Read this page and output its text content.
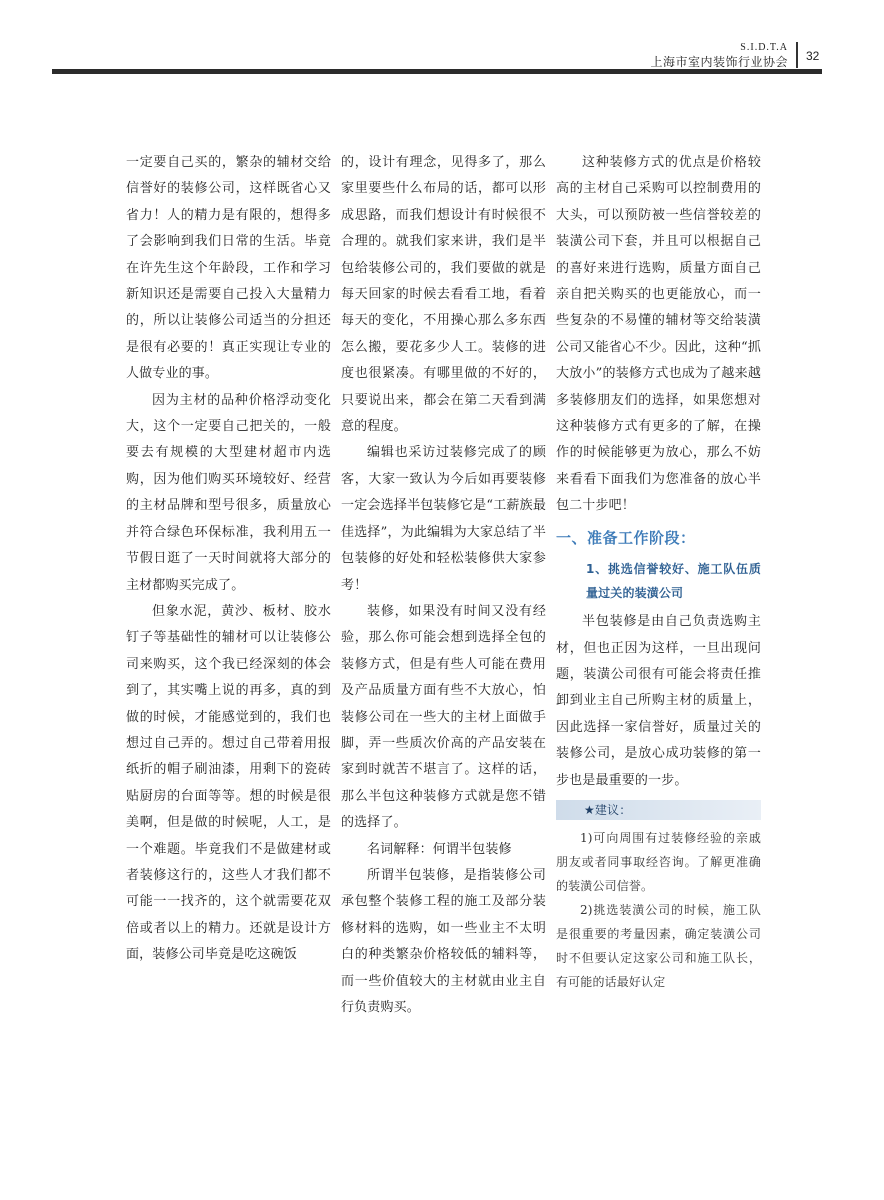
S.I.D.T.A
上海市室内装饰行业协会 32

一定要自己买的，繁杂的辅材交给信誉好的装修公司，这样既省心又省力！人的精力是有限的，想得多了会影响到我们日常的生活。毕竟在许先生这个年龄段，工作和学习新知识还是需要自己投入大量精力的，所以让装修公司适当的分担还是很有必要的！真正实现让专业的人做专业的事。

因为主材的品种价格浮动变化大，这个一定要自己把关的，一般要去有规模的大型建材超市内选购，因为他们购买环境较好、经营的主材品牌和型号很多，质量放心并符合绿色环保标准，我利用五一节假日逛了一天时间就将大部分的主材都购买完成了。

但象水泥，黄沙、板材、胶水钉子等基础性的辅材可以让装修公司来购买，这个我已经深刻的体会到了，其实嘴上说的再多，真的到做的时候，才能感觉到的，我们也想过自己弄的。想过自己带着用报纸折的帽子刷油漆，用剩下的瓷砖贴厨房的台面等等。想的时候是很美啊，但是做的时候呢，人工，是一个难题。毕竟我们不是做建材或者装修这行的，这些人才我们都不可能一一找齐的，这个就需要花双倍或者以上的精力。还就是设计方面，装修公司毕竟是吃这碗饭

的，设计有理念，见得多了，那么家里要些什么布局的话，都可以形成思路，而我们想设计有时候很不合理的。就我们家来讲，我们是半包给装修公司的，我们要做的就是每天回家的时候去看看工地，看着每天的变化，不用操心那么多东西怎么搬，要花多少人工。装修的进度也很紧凑。有哪里做的不好的，只要说出来，都会在第二天看到满意的程度。

编辑也采访过装修完成了的顾客，大家一致认为今后如再要装修一定会选择半包装修它是“工薪族最佳选择”，为此编辑为大家总结了半包装修的好处和轻松装修供大家参考！

装修，如果没有时间又没有经验，那么你可能会想到选择全包的装修方式，但是有些人可能在费用及产品质量方面有些不大放心，怕装修公司在一些大的主材上面做手脚，弄一些质次价高的产品安装在家到时就苦不堪言了。这样的话，那么半包这种装修方式就是您不错的选择了。

名词解释：何谓半包装修

所谓半包装修，是指装修公司承包整个装修工程的施工及部分装修材料的选购，如一些业主不太明白的种类繁杂价格较低的辅料等，而一些价值较大的主材就由业主自行负责购买。

这种装修方式的优点是价格较高的主材自己采购可以控制费用的大头，可以预防被一些信誉较差的装潢公司下套，并且可以根据自己的喜好来进行选购，质量方面自己亲自把关购买的也更能放心，而一些复杂的不易懂的辅材等交给装潢公司又能省心不少。因此，这种“抓大放小”的装修方式也成为了越来越多装修朋友们的选择，如果您想对这种装修方式有更多的了解，在操作的时候能够更为放心，那么不妨来看看下面我们为您准备的放心半包二十步吧！

一、准备工作阶段：
1、挑选信誉较好、施工队伍质量过关的装潢公司

半包装修是由自己负责选购主材，但也正因为这样，一旦出现问题，装潢公司很有可能会将责任推卸到业主自己所购主材的质量上，因此选择一家信誉好，质量过关的装修公司，是放心成功装修的第一步也是最重要的一步。

★建议：

1)可向周围有过装修经验的亲戚朋友或者同事取经咨询。了解更准确的装潢公司信誉。

2)挑选装潢公司的时候，施工队是很重要的考量因素，确定装潢公司时不但要认定这家公司和施工队长，有可能的话最好认定
